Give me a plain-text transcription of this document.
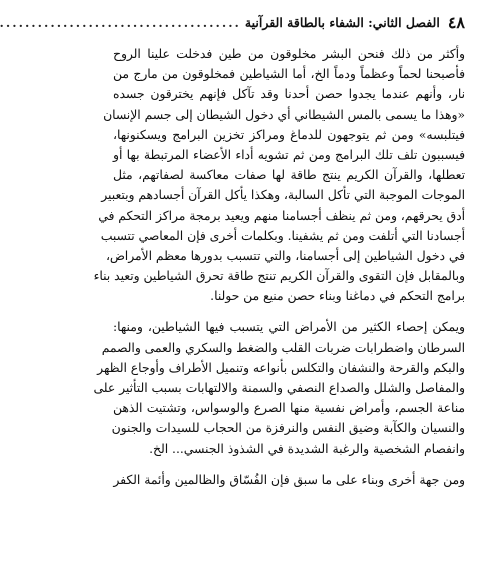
٤٨
الفصل الثاني: الشفاء بالطاقة القرآنية
......................................

وأكثر من ذلك فنحن البشر مخلوقون من طين فدخلت علينا الروح
فأصبحنا لحماً وعظماً ودماً الخ، أما الشياطين فمخلوقون من مارج من
نار، وأنهم عندما يجدوا حصن أحدنا وقد تآكل فإنهم يخترقون جسده
«وهذا ما يسمى بالمس الشيطاني أي دخول الشيطان إلى جسم الإنسان
فيتلبسه» ومن ثم يتوجهون للدماغ ومراكز تخزين البرامج ويسكنونها،
فيسببون تلف تلك البرامج ومن ثم تشويه أداء الأعضاء المرتبطة بها أو
تعطلها، والقرآن الكريم ينتج طاقة لها صفات معاكسة لصفاتهم، مثل
الموجات الموجبة التي تأكل السالبة، وهكذا يأكل القرآن أجسادهم وبتعبير
أدق يحرقهم، ومن ثم ينظف أجسامنا منهم ويعيد برمجة مراكز التحكم في
أجسادنا التي أتلفت ومن ثم يشفينا. وبكلمات أخرى فإن المعاصي تتسبب
في دخول الشياطين إلى أجسامنا، والتي تتسبب بدورها معظم الأمراض،
وبالمقابل فإن التقوى والقرآن الكريم تنتج طاقة تحرق الشياطين وتعيد بناء
برامج التحكم في دماغنا وبناء حصن منيع من حولنا.

ويمكن إحصاء الكثير من الأمراض التي يتسبب فيها الشياطين، ومنها:
السرطان واضطرابات ضربات القلب والضغط والسكري والعمى والصمم
والبكم والقرحة والنشفان والتكلس بأنواعه وتنميل الأطراف وأوجاع الظهر
والمفاصل والشلل والصداع النصفي والسمنة والالتهابات بسبب التأثير على
مناعة الجسم، وأمراض نفسية منها الصرع والوسواس، وتشتيت الذهن
والنسيان والكآبة وضيق النفس والنرفزة من الحجاب للسيدات والجنون
وانفصام الشخصية والرغبة الشديدة في الشذوذ الجنسي... الخ.

ومن جهة أخرى وبناء على ما سبق فإن الفُسّاق والظالمين وأئمة الكفر
